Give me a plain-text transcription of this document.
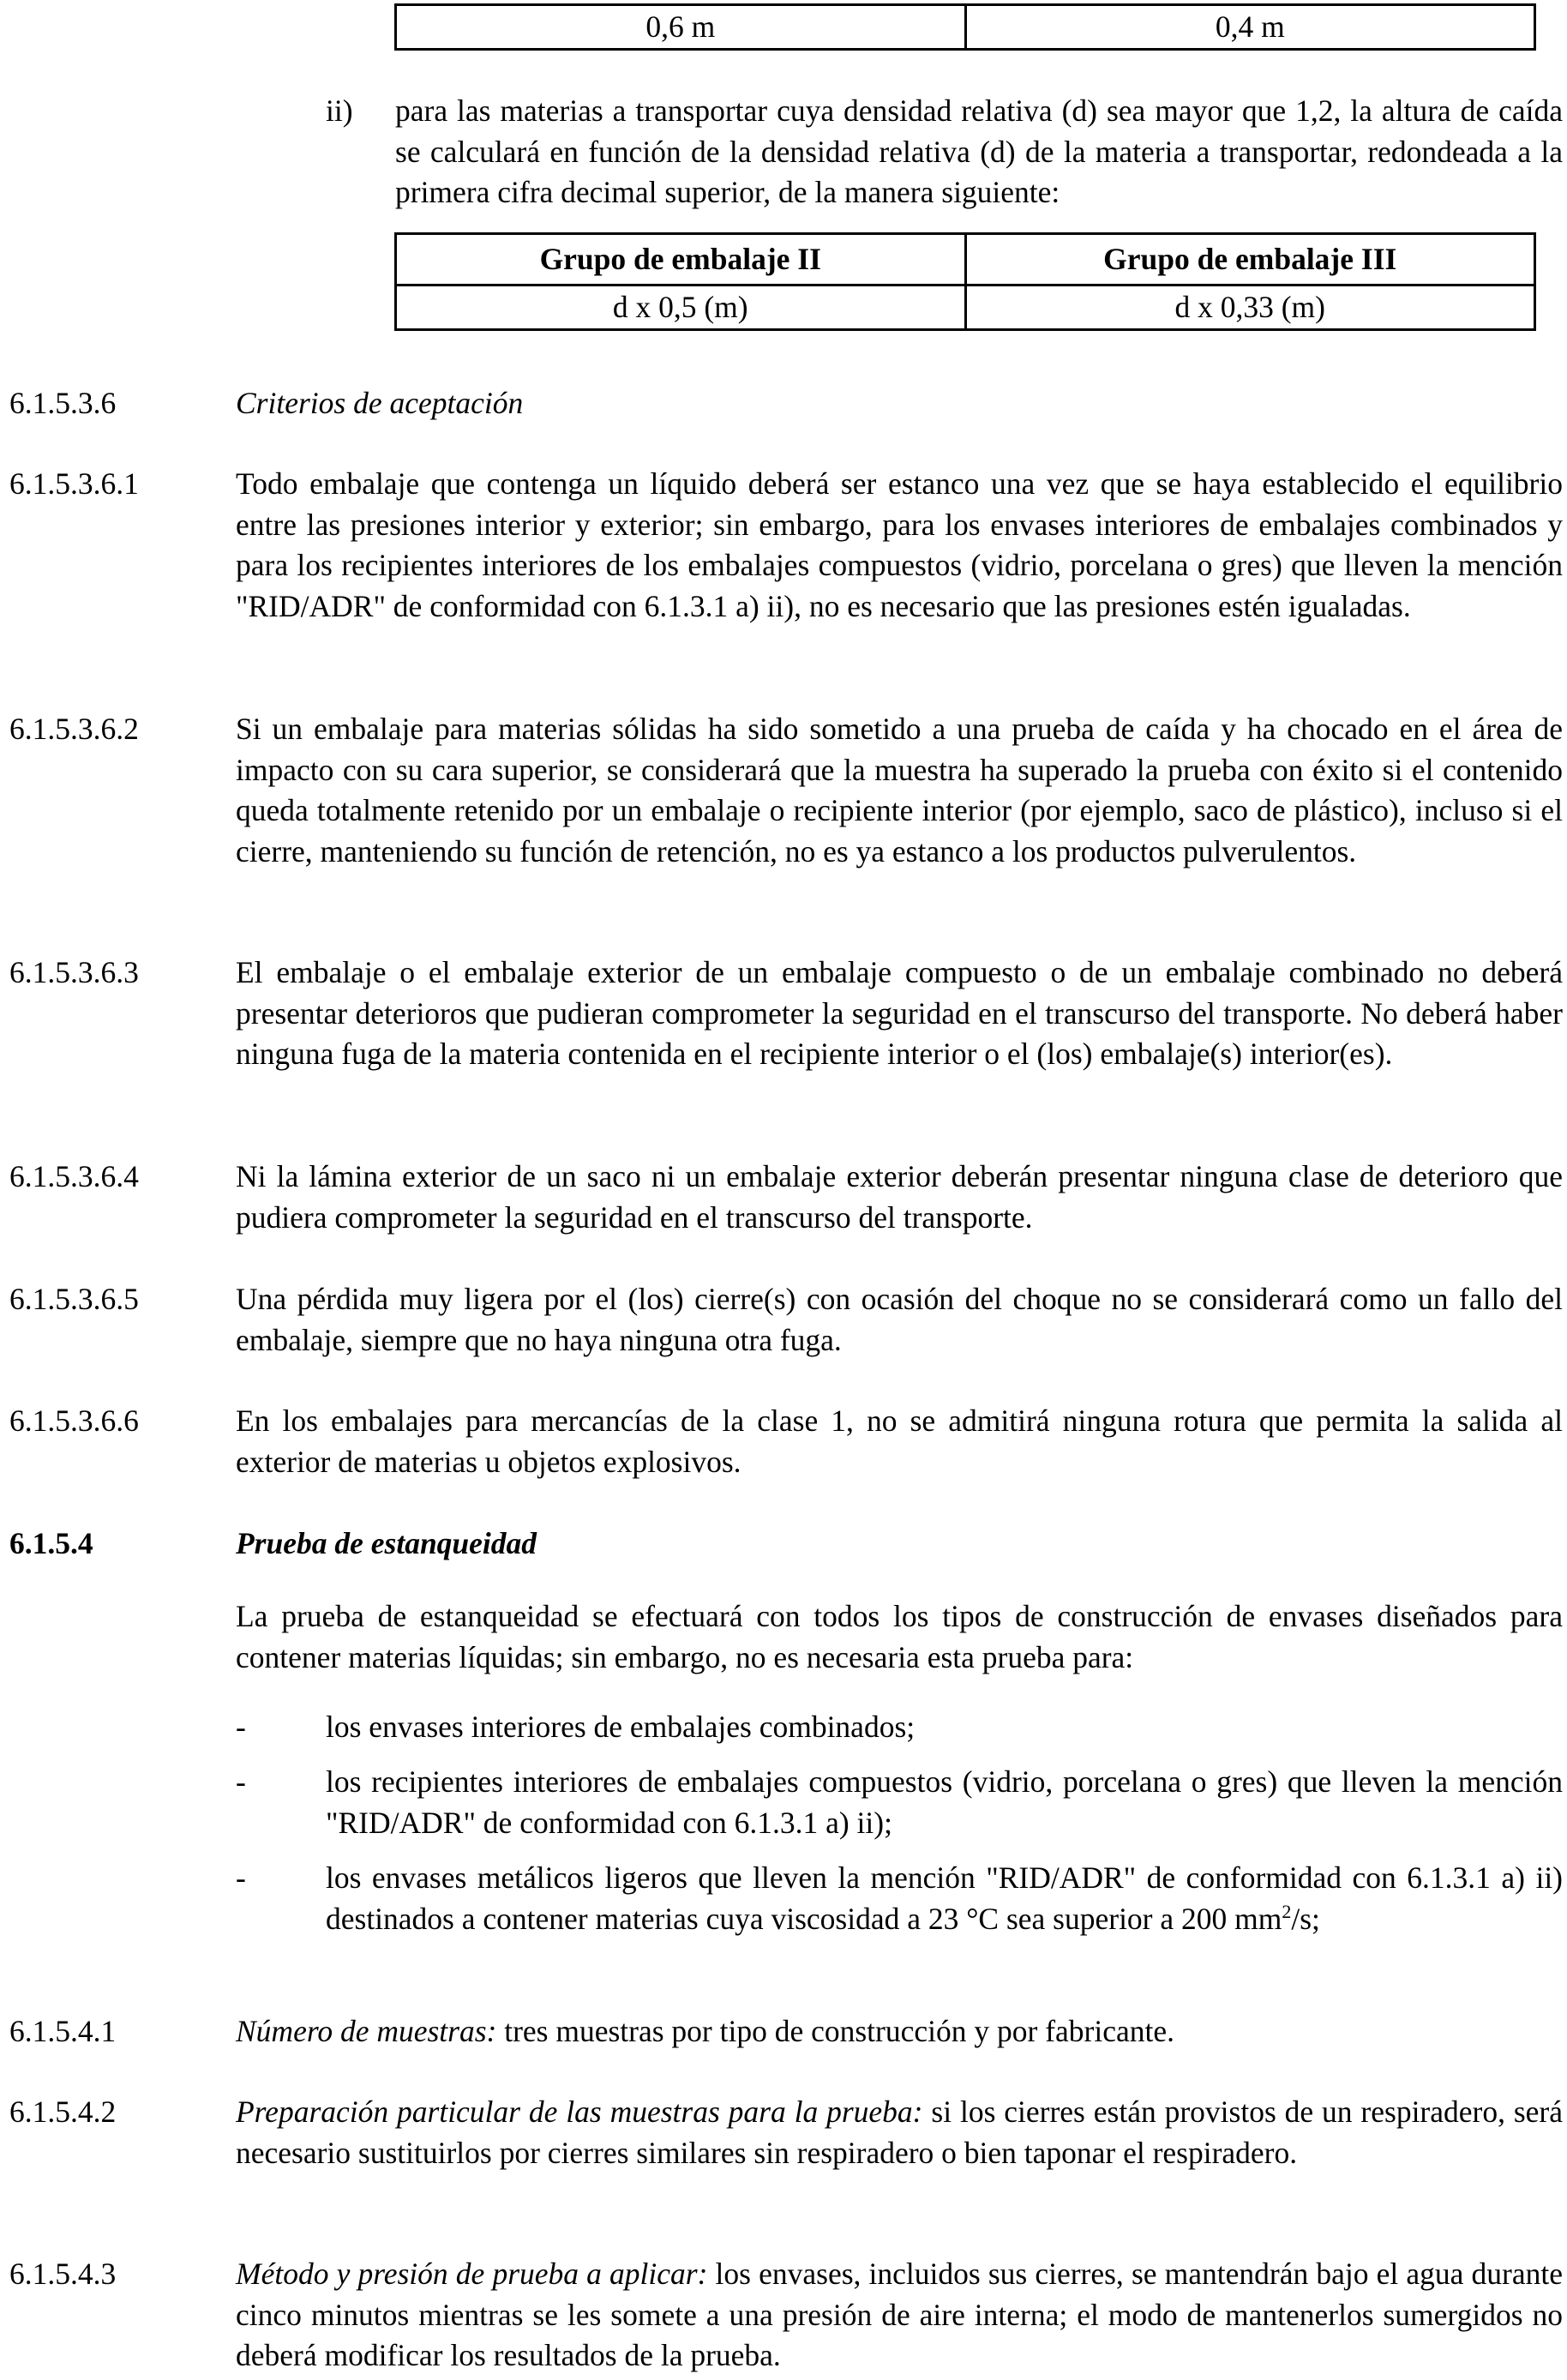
0,6 m	0,4 m
ii) para las materias a transportar cuya densidad relativa (d) sea mayor que 1,2, la altura de caída se calculará en función de la densidad relativa (d) de la materia a transportar, redondeada a la primera cifra decimal superior, de la manera siguiente:
Grupo de embalaje II	Grupo de embalaje III
d x 0,5 (m)	d x 0,33 (m)
6.1.5.3.6	Criterios de aceptación
6.1.5.3.6.1	Todo embalaje que contenga un líquido deberá ser estanco una vez que se haya establecido el equilibrio entre las presiones interior y exterior; sin embargo, para los envases interiores de embalajes combinados y para los recipientes interiores de los embalajes compuestos (vidrio, porcelana o gres) que lleven la mención "RID/ADR" de conformidad con 6.1.3.1 a) ii), no es necesario que las presiones estén igualadas.
6.1.5.3.6.2	Si un embalaje para materias sólidas ha sido sometido a una prueba de caída y ha chocado en el área de impacto con su cara superior, se considerará que la muestra ha superado la prueba con éxito si el contenido queda totalmente retenido por un embalaje o recipiente interior (por ejemplo, saco de plástico), incluso si el cierre, manteniendo su función de retención, no es ya estanco a los productos pulverulentos.
6.1.5.3.6.3	El embalaje o el embalaje exterior de un embalaje compuesto o de un embalaje combinado no deberá presentar deterioros que pudieran comprometer la seguridad en el transcurso del transporte. No deberá haber ninguna fuga de la materia contenida en el recipiente interior o el (los) embalaje(s) interior(es).
6.1.5.3.6.4	Ni la lámina exterior de un saco ni un embalaje exterior deberán presentar ninguna clase de deterioro que pudiera comprometer la seguridad en el transcurso del transporte.
6.1.5.3.6.5	Una pérdida muy ligera por el (los) cierre(s) con ocasión del choque no se considerará como un fallo del embalaje, siempre que no haya ninguna otra fuga.
6.1.5.3.6.6	En los embalajes para mercancías de la clase 1, no se admitirá ninguna rotura que permita la salida al exterior de materias u objetos explosivos.
6.1.5.4	Prueba de estanqueidad
La prueba de estanqueidad se efectuará con todos los tipos de construcción de envases diseñados para contener materias líquidas; sin embargo, no es necesaria esta prueba para:
-	los envases interiores de embalajes combinados;
-	los recipientes interiores de embalajes compuestos (vidrio, porcelana o gres) que lleven la mención "RID/ADR" de conformidad con 6.1.3.1 a) ii);
-	los envases metálicos ligeros que lleven la mención "RID/ADR" de conformidad con 6.1.3.1 a) ii) destinados a contener materias cuya viscosidad a 23 °C sea superior a 200 $mm^2/s$;
6.1.5.4.1	Número de muestras: tres muestras por tipo de construcción y por fabricante.
6.1.5.4.2	Preparación particular de las muestras para la prueba: si los cierres están provistos de un respiradero, será necesario sustituirlos por cierres similares sin respiradero o bien taponar el respiradero.
6.1.5.4.3	Método y presión de prueba a aplicar: los envases, incluidos sus cierres, se mantendrán bajo el agua durante cinco minutos mientras se les somete a una presión de aire interna; el modo de mantenerlos sumergidos no deberá modificar los resultados de la prueba.
